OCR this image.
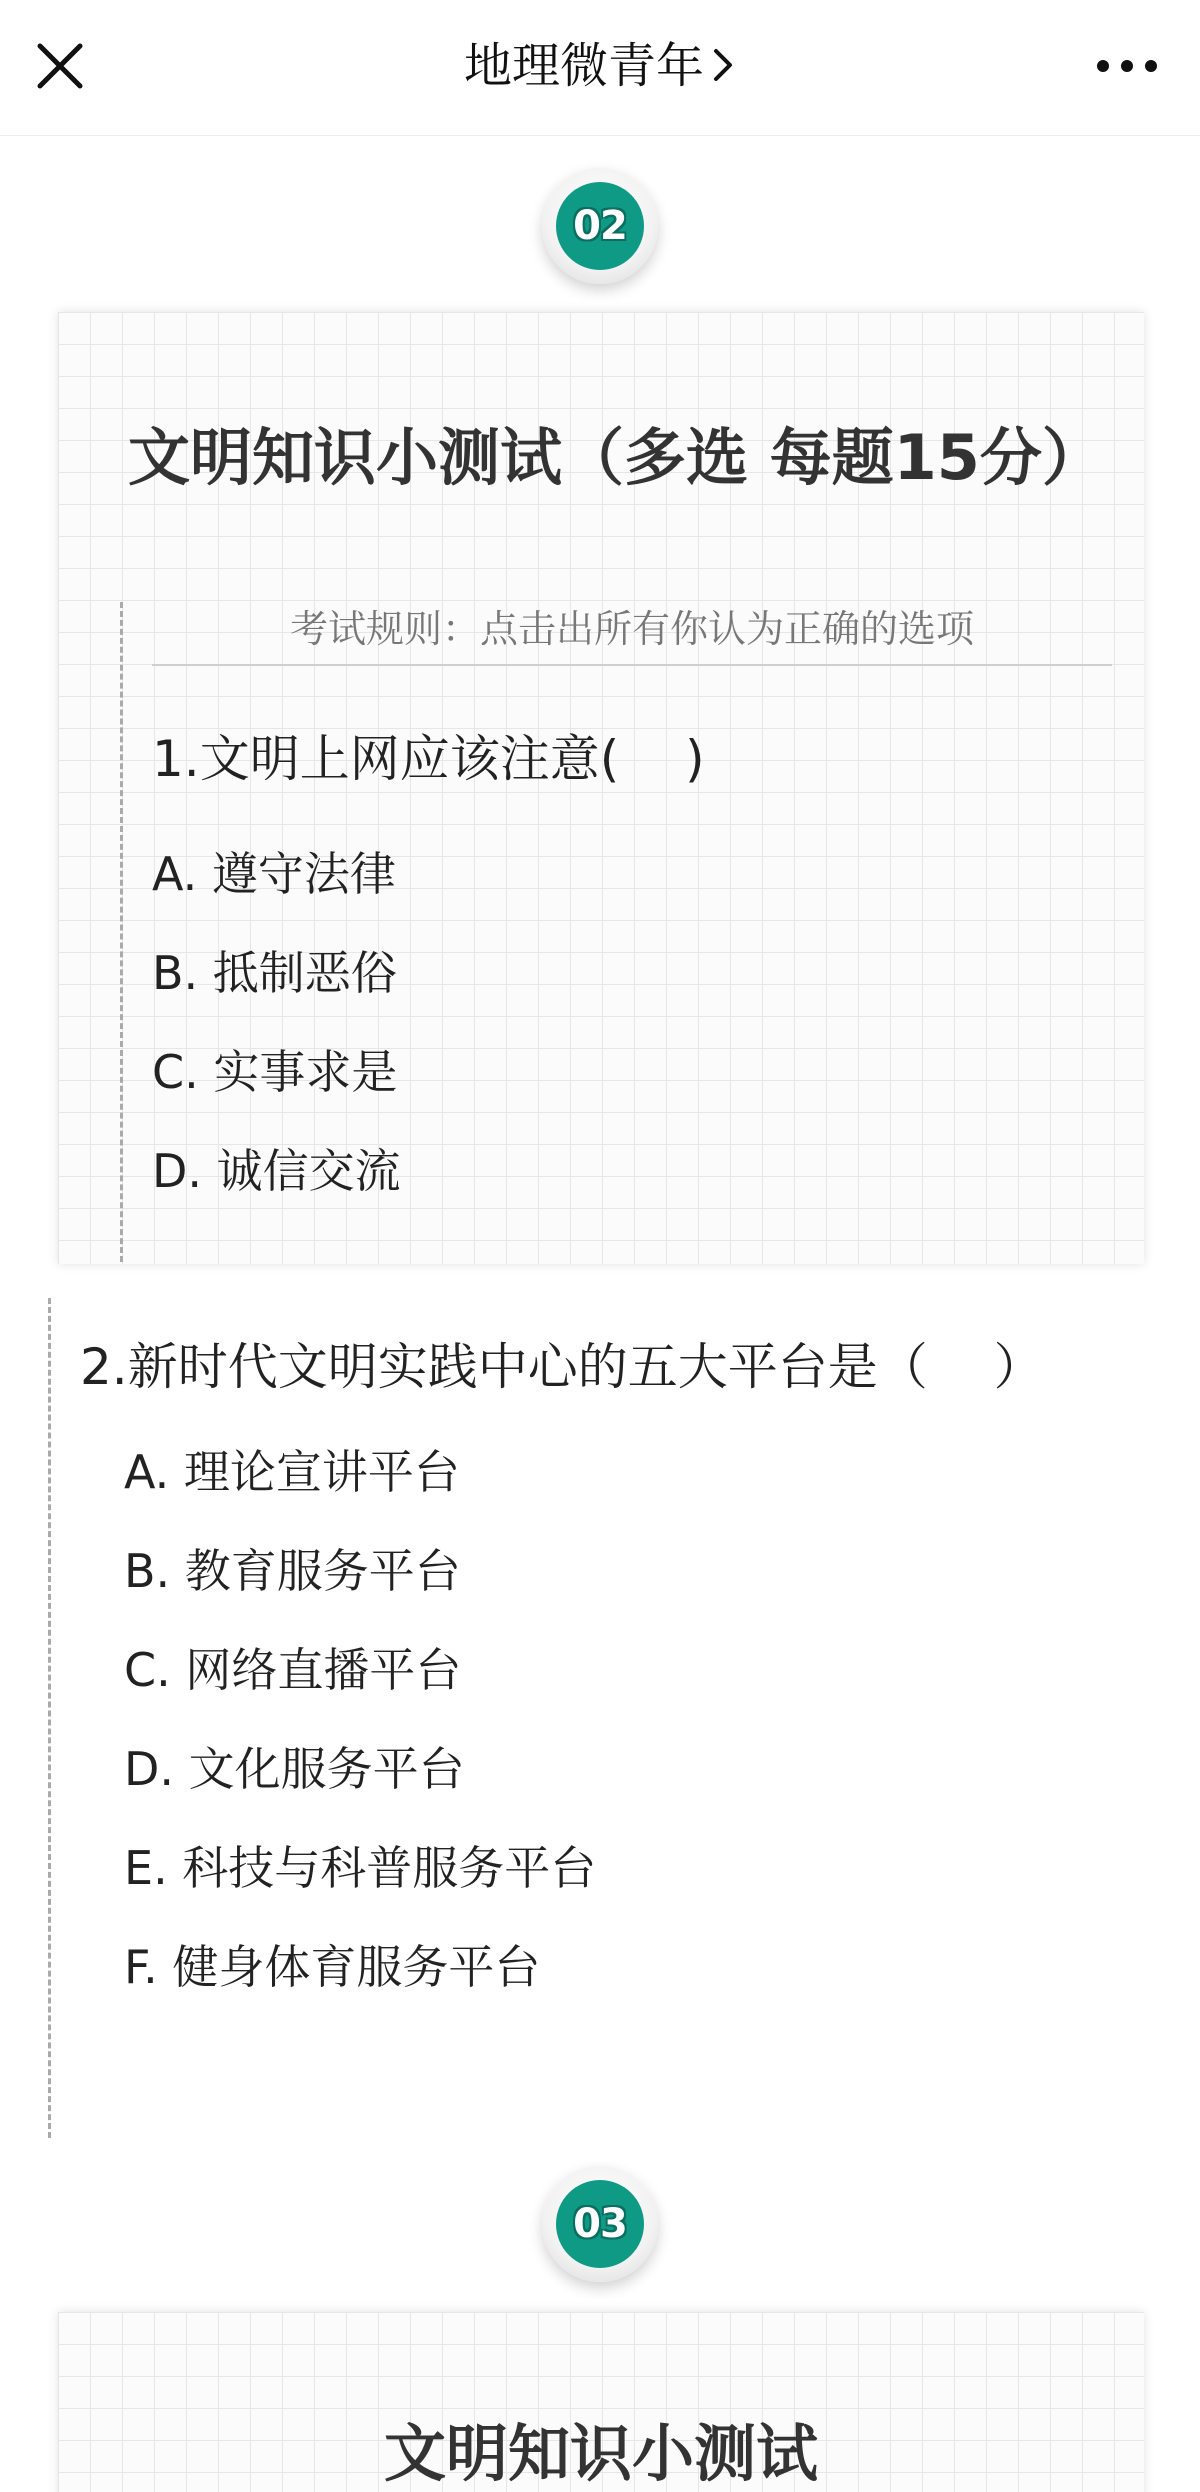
地理微青年
02
文明知识小测试（多选 每题15分）
考试规则：点击出所有你认为正确的选项
1.文明上网应该注意(　 )
A. 遵守法律
B. 抵制恶俗
C. 实事求是
D. 诚信交流
2.新时代文明实践中心的五大平台是（　 ）
A. 理论宣讲平台
B. 教育服务平台
C. 网络直播平台
D. 文化服务平台
E. 科技与科普服务平台
F. 健身体育服务平台
03
文明知识小测试
